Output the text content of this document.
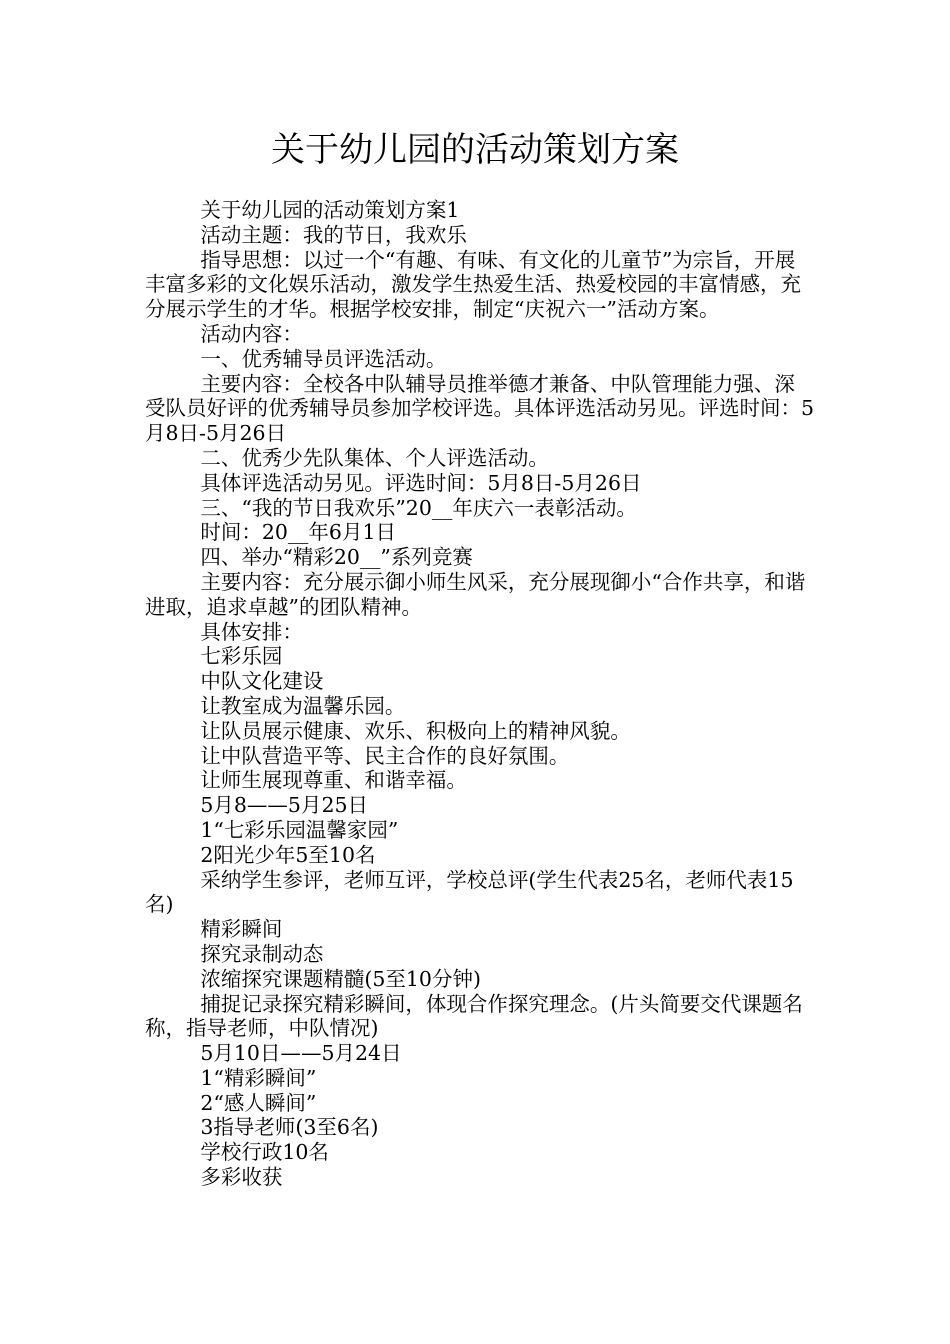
关于幼儿园的活动策划方案

关于幼儿园的活动策划方案1

活动主题：我的节日，我欢乐

指导思想：以过一个“有趣、有味、有文化的儿童节”为宗旨，开展丰富多彩的文化娱乐活动，激发学生热爱生活、热爱校园的丰富情感，充分展示学生的才华。根据学校安排，制定“庆祝六一”活动方案。

活动内容：

一、优秀辅导员评选活动。

主要内容：全校各中队辅导员推举德才兼备、中队管理能力强、深受队员好评的优秀辅导员参加学校评选。具体评选活动另见。评选时间：5月8日-5月26日

二、优秀少先队集体、个人评选活动。

具体评选活动另见。评选时间：5月8日-5月26日

三、“我的节日我欢乐”20__年庆六一表彰活动。

时间：20__年6月1日

四、举办“精彩20__”系列竞赛

主要内容：充分展示御小师生风采，充分展现御小“合作共享，和谐进取，追求卓越”的团队精神。

具体安排：

七彩乐园

中队文化建设

让教室成为温馨乐园。

让队员展示健康、欢乐、积极向上的精神风貌。

让中队营造平等、民主合作的良好氛围。

让师生展现尊重、和谐幸福。

5月8——5月25日

1“七彩乐园温馨家园”

2阳光少年5至10名

采纳学生参评，老师互评，学校总评(学生代表25名，老师代表15名)

精彩瞬间

探究录制动态

浓缩探究课题精髓(5至10分钟)

捕捉记录探究精彩瞬间，体现合作探究理念。(片头简要交代课题名称，指导老师，中队情况)

5月10日——5月24日

1“精彩瞬间”

2“感人瞬间”

3指导老师(3至6名)

学校行政10名

多彩收获
